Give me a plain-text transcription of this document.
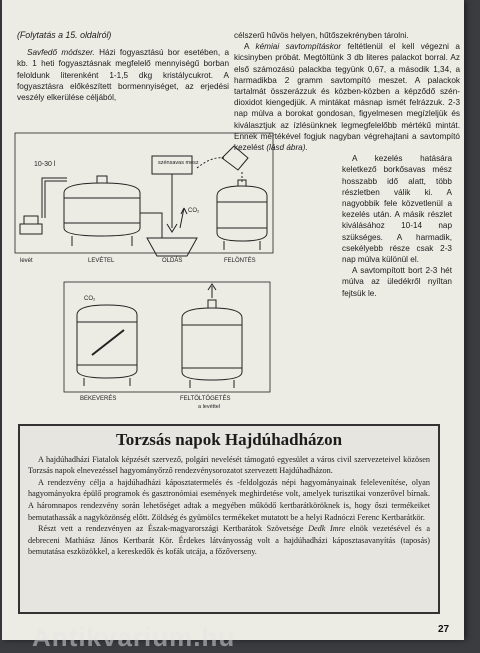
(Folytatás a 15. oldalról)

Savfedő módszer. Házi fogyasztású bor esetében, a kb. 1 heti fogyasztásnak megfelelő mennyiségű borban feloldunk literenként 1-1,5 dkg kristálycukrot. A fogyasztásra előkészített bormennyiséget, az erjedési veszély elkerülése céljából,

célszerű hűvös helyen, hűtőszekrényben tárolni.

A kémiai savtompításkor feltétlenül el kell végezni a kicsinyben próbát. Megtöltünk 3 db literes palackot borral. Az első számozású palackba tegyünk 0,67, a második 1,34, a harmadikba 2 gramm savtompító meszet. A palackok tartalmát összerázzuk és közben-közben a képződő szén-dioxidot kiengedjük. A mintákat másnap ismét felrázzuk. 2-3 nap múlva a borokat gondosan, figyelmesen megízleljük és kiválasztjuk az ízlésünknek legmegfelelőbb mértékű mintát. Ennek mértékével fogjuk nagyban végrehajtani a savtompító kezelést (lásd ábra).

A kezelés hatására keletkező borkősavas mész hosszabb idő alatt, több részletben válik ki. A nagyobbik fele közvetlenül a kezelés után. A másik részlet kiválásához 10-14 nap szükséges. A harmadik, csekélyebb része csak 2-3 nap múlva különül el.

A savtompított bort 2-3 hét múlva az üledékről nyíltan fejtsük le.

10-30 l	szénsavas mész
CO₂
levét	LEVÉTEL	OLDÁS	FELÖNTÉS
CO₂
BEKEVERÉS	FELTÖLTÖGETÉS
a levéttel
Torzsás napok Hajdúhadházon

A hajdúhadházi Fiatalok képzését szervező, polgári nevelését támogató egyesület a város civil szervezeteivel közösen Torzsás napok elnevezéssel hagyományőrző rendezvénysorozatot szervezett Hajdúhadházon.

A rendezvény célja a hajdúhadházi káposztatermelés és -feldolgozás népi hagyományainak felelevenítése, olyan hagyományokra épülő programok és gasztronómiai események meghirdetése volt, amelyek turisztikai vonzerővel bírnak. A háromnapos rendezvény során lehetőséget adtak a megyében működő kertbarátköröknek is, hogy őszi termékeiket bemutathassák a nagyközönség előtt. Zöldség és gyümölcs termékeket mutatott be a helyi Radnóczi Ferenc Kertbarátkör.

Részt vett a rendezvényen az Észak-magyarországi Kertbarátok Szövetsége Dedk Imre elnök vezetésével és a debreceni Mathiász János Kertbarát Kör. Érdekes látványosság volt a hajdúhadházi káposztasavanyítás (taposás) bemutatása eszközökkel, a kereskedők és kofák utcája, a főzőverseny.

Antikvarium.hu	27
